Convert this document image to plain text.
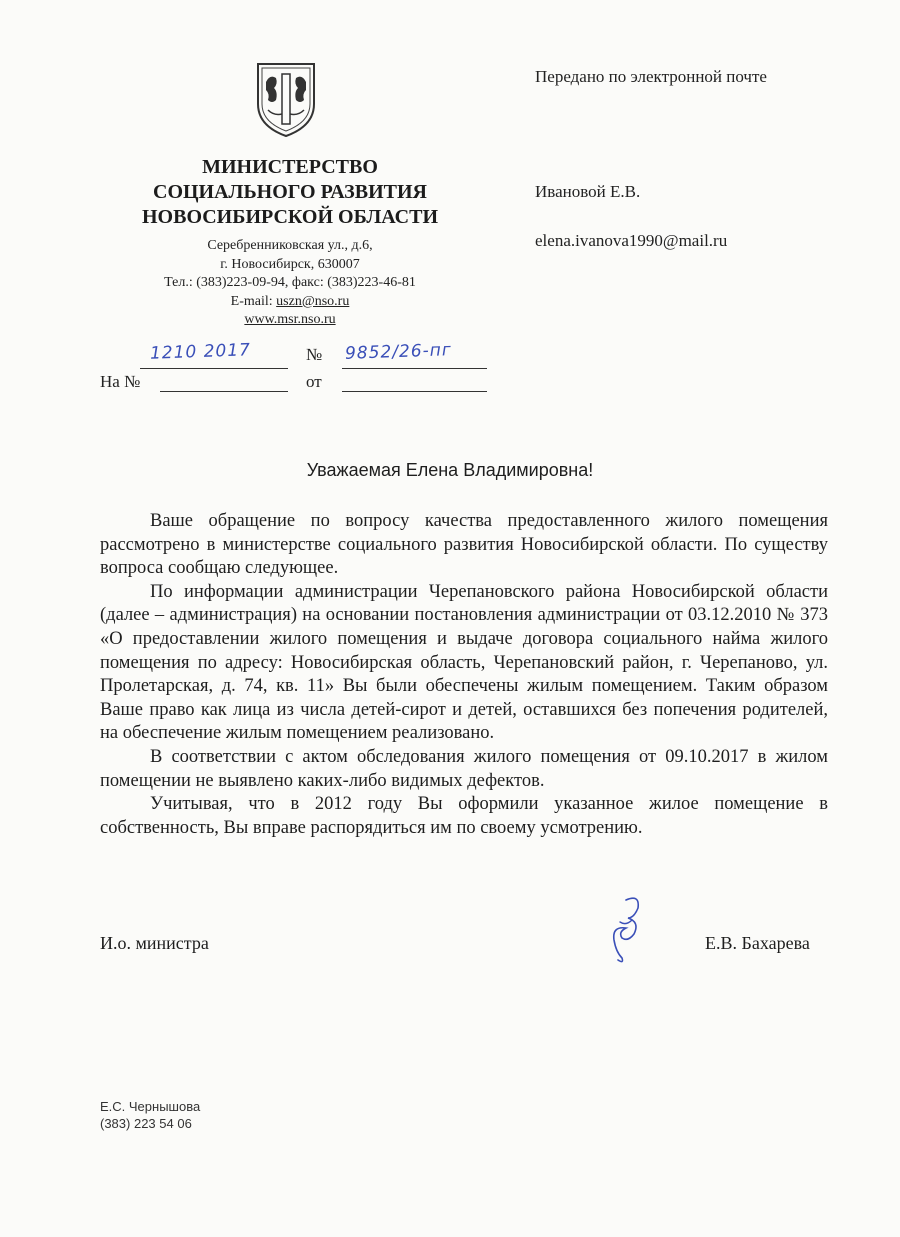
МИНИСТЕРСТВО
СОЦИАЛЬНОГО РАЗВИТИЯ
НОВОСИБИРСКОЙ ОБЛАСТИ
Серебренниковская ул., д.6,
г. Новосибирск, 630007
Тел.: (383)223-09-94, факс: (383)223-46-81
E-mail: uszn@nso.ru
www.msr.nso.ru
Передано по электронной почте
Ивановой Е.В.
elena.ivanova1990@mail.ru
1210 2017	№ 9852/26-пг
На №	от
Уважаемая Елена Владимировна!

Ваше обращение по вопросу качества предоставленного жилого помещения рассмотрено в министерстве социального развития Новосибирской области. По существу вопроса сообщаю следующее.

По информации администрации Черепановского района Новосибирской области (далее – администрация) на основании постановления администрации от 03.12.2010 № 373 «О предоставлении жилого помещения и выдаче договора социального найма жилого помещения по адресу: Новосибирская область, Черепановский район, г. Черепаново, ул. Пролетарская, д. 74, кв. 11» Вы были обеспечены жилым помещением. Таким образом Ваше право как лица из числа детей-сирот и детей, оставшихся без попечения родителей, на обеспечение жилым помещением реализовано.

В соответствии с актом обследования жилого помещения от 09.10.2017 в жилом помещении не выявлено каких-либо видимых дефектов.

Учитывая, что в 2012 году Вы оформили указанное жилое помещение в собственность, Вы вправе распорядиться им по своему усмотрению.

И.о. министра	Е.В. Бахарева
Е.С. Чернышова
(383) 223 54 06
